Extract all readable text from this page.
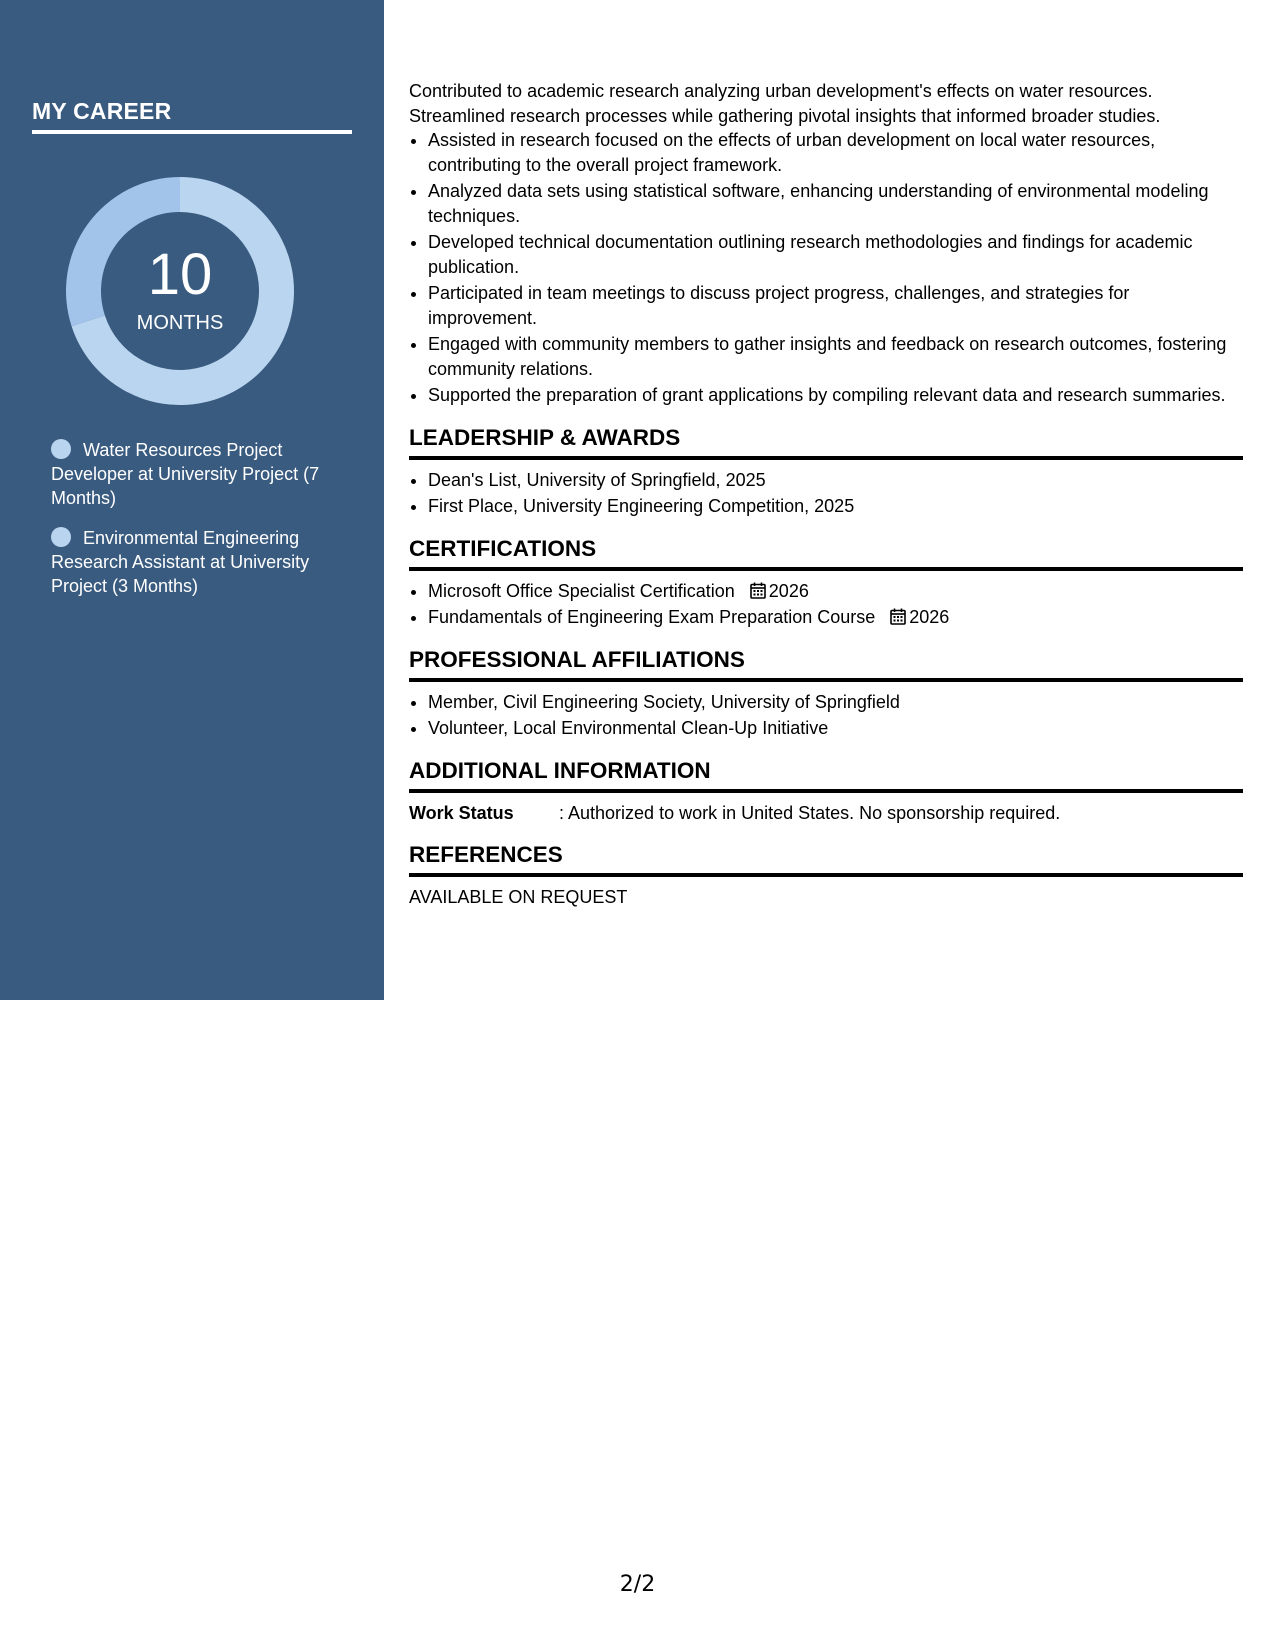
MY CAREER
10
MONTHS
Water Resources Project Developer at University Project (7 Months)
Environmental Engineering Research Assistant at University Project (3 Months)

Contributed to academic research analyzing urban development's effects on water resources.

Streamlined research processes while gathering pivotal insights that informed broader studies.

• Assisted in research focused on the effects of urban development on local water resources, contributing to the overall project framework.
• Analyzed data sets using statistical software, enhancing understanding of environmental modeling techniques.
• Developed technical documentation outlining research methodologies and findings for academic publication.
• Participated in team meetings to discuss project progress, challenges, and strategies for improvement.
• Engaged with community members to gather insights and feedback on research outcomes, fostering community relations.
• Supported the preparation of grant applications by compiling relevant data and research summaries.
LEADERSHIP & AWARDS
• Dean's List, University of Springfield, 2025
• First Place, University Engineering Competition, 2025
CERTIFICATIONS
• Microsoft Office Specialist Certification 2026
• Fundamentals of Engineering Exam Preparation Course 2026
PROFESSIONAL AFFILIATIONS
• Member, Civil Engineering Society, University of Springfield
• Volunteer, Local Environmental Clean-Up Initiative
ADDITIONAL INFORMATION
Work Status	: Authorized to work in United States. No sponsorship required.
REFERENCES
AVAILABLE ON REQUEST
2/2
